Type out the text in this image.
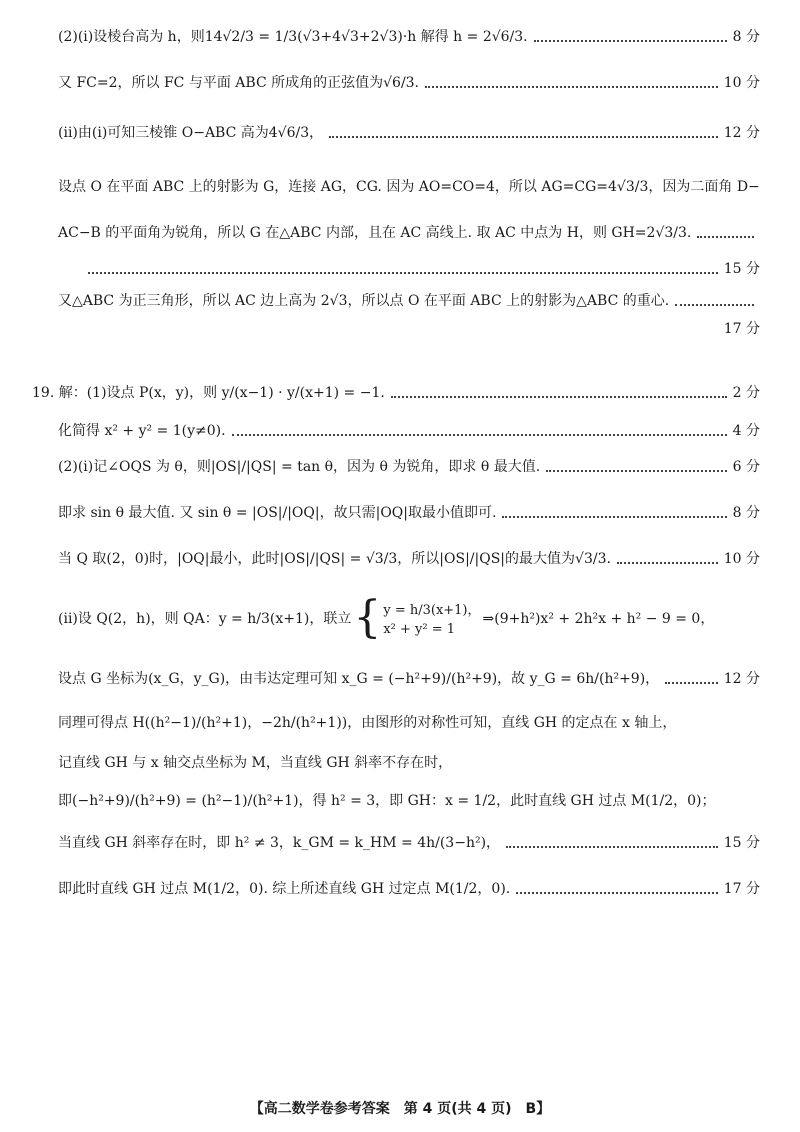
(2)(ⅰ)设棱台高为 h，则14√2/3 = 1/3(√3+4√3+2√3)·h 解得 h = 2√6/3.	8 分
又 FC=2，所以 FC 与平面 ABC 所成角的正弦值为√6/3.	10 分
(ⅱ)由(ⅰ)可知三棱锥 O−ABC 高为4√6/3，	12 分
设点 O 在平面 ABC 上的射影为 G，连接 AG，CG. 因为 AO=CO=4，所以 AG=CG=4√3/3，因为二面角 D−
AC−B 的平面角为锐角，所以 G 在△ABC 内部，且在 AC 高线上. 取 AC 中点为 H，则 GH=2√3/3.
15 分
又△ABC 为正三角形，所以 AC 边上高为 2√3，所以点 O 在平面 ABC 上的射影为△ABC 的重心.
17 分
19. 解：(1)设点 P(x，y)，则 y/(x−1) · y/(x+1) = −1.	2 分
化简得 x² + y² = 1(y≠0).	4 分
(2)(ⅰ)记∠OQS 为 θ，则|OS|/|QS| = tan θ，因为 θ 为锐角，即求 θ 最大值.	6 分
即求 sin θ 最大值. 又 sin θ = |OS|/|OQ|，故只需|OQ|取最小值即可.	8 分
当 Q 取(2，0)时，|OQ|最小，此时|OS|/|QS| = √3/3，所以|OS|/|QS|的最大值为√3/3.	10 分
(ⅱ)设 Q(2，h)，则 QA：y = h/3(x+1)，联立 { y = h/3(x+1)，
x² + y² = 1
⇒(9+h²)x² + 2h²x + h² − 9 = 0，
设点 G 坐标为(x_G，y_G)，由韦达定理可知 x_G = (−h²+9)/(h²+9)，故 y_G = 6h/(h²+9)，	12 分
同理可得点 H((h²−1)/(h²+1)，−2h/(h²+1))，由图形的对称性可知，直线 GH 的定点在 x 轴上，
记直线 GH 与 x 轴交点坐标为 M，当直线 GH 斜率不存在时，
即(−h²+9)/(h²+9) = (h²−1)/(h²+1)，得 h² = 3，即 GH：x = 1/2，此时直线 GH 过点 M(1/2，0)；
当直线 GH 斜率存在时，即 h² ≠ 3，k_GM = k_HM = 4h/(3−h²)，	15 分
即此时直线 GH 过点 M(1/2，0). 综上所述直线 GH 过定点 M(1/2，0).	17 分
【高二数学卷参考答案　第 4 页(共 4 页)　B】
